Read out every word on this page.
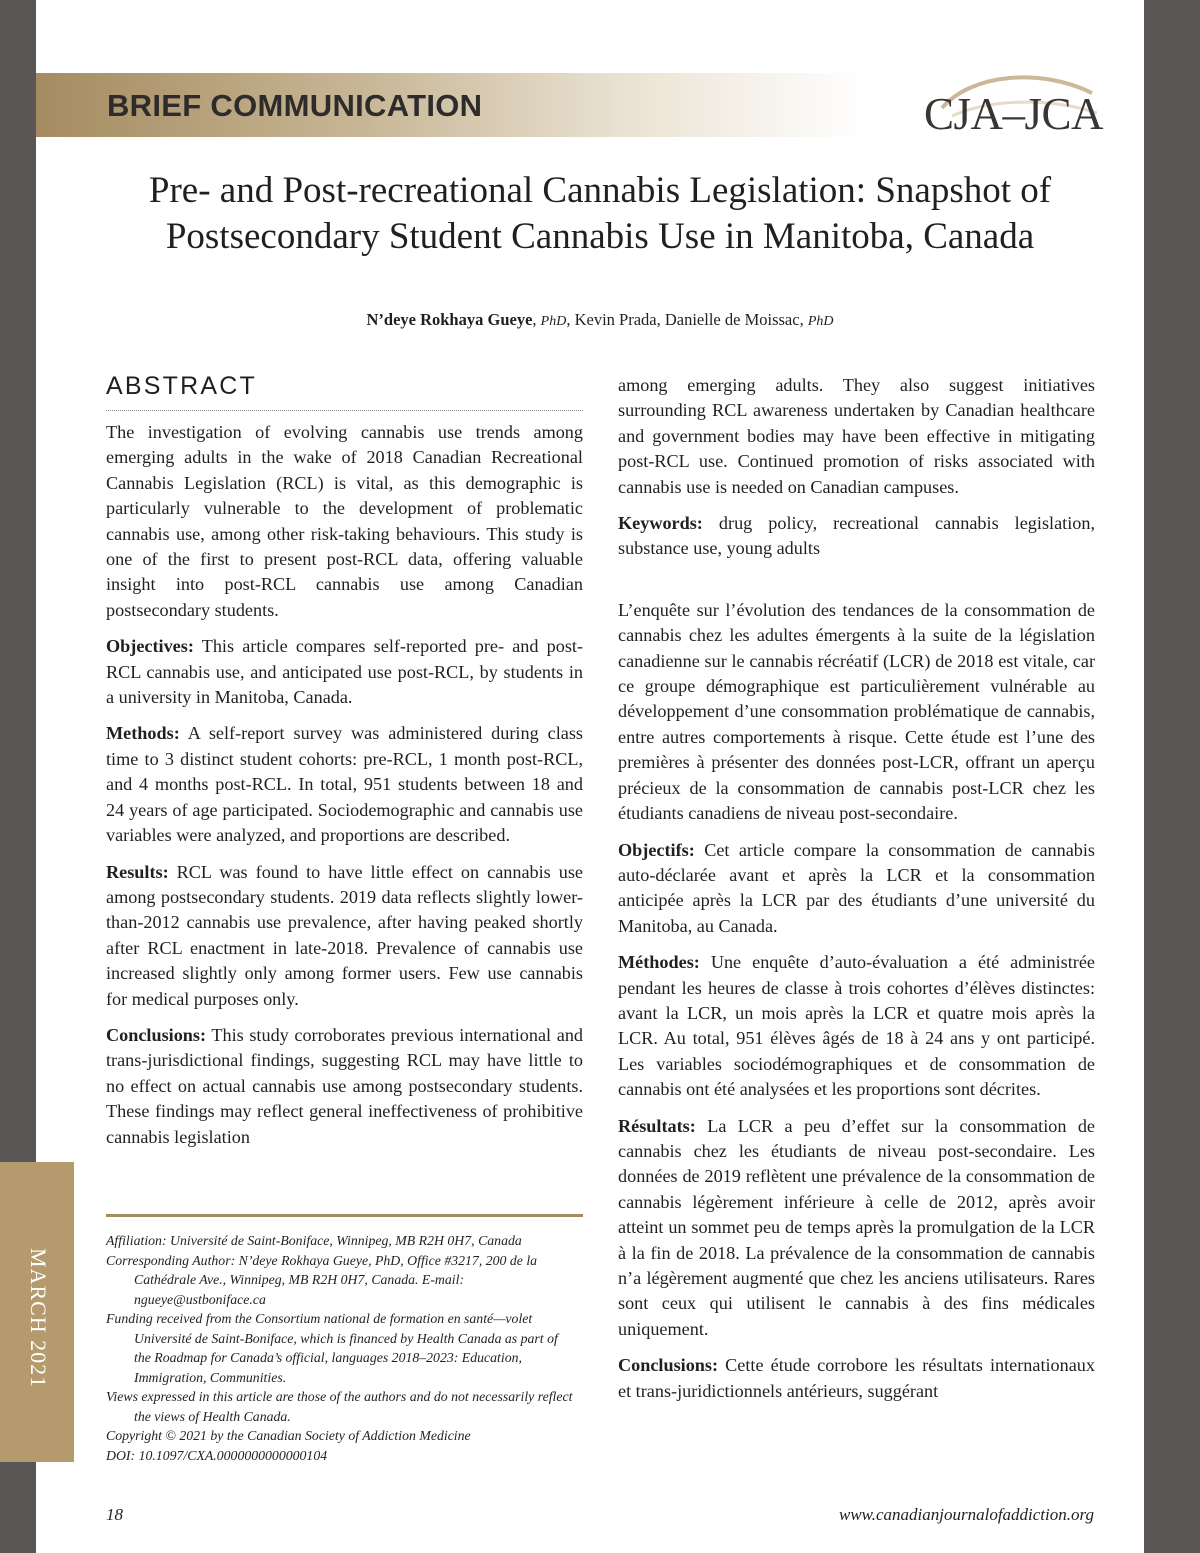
MARCH 2021
BRIEF COMMUNICATION	CJA–JCA
Pre- and Post-recreational Cannabis Legislation: Snapshot of Postsecondary Student Cannabis Use in Manitoba, Canada
N’deye Rokhaya Gueye, PhD, Kevin Prada, Danielle de Moissac, PhD
ABSTRACT

The investigation of evolving cannabis use trends among emerging adults in the wake of 2018 Canadian Recreational Cannabis Legislation (RCL) is vital, as this demographic is particularly vulnerable to the development of problematic cannabis use, among other risk-taking behaviours. This study is one of the first to present post-RCL data, offering valuable insight into post-RCL cannabis use among Canadian postsecondary students.

Objectives: This article compares self-reported pre- and post-RCL cannabis use, and anticipated use post-RCL, by students in a university in Manitoba, Canada.

Methods: A self-report survey was administered during class time to 3 distinct student cohorts: pre-RCL, 1 month post-RCL, and 4 months post-RCL. In total, 951 students between 18 and 24 years of age participated. Sociodemographic and cannabis use variables were analyzed, and proportions are described.

Results: RCL was found to have little effect on cannabis use among postsecondary students. 2019 data reflects slightly lower-than-2012 cannabis use prevalence, after having peaked shortly after RCL enactment in late-2018. Prevalence of cannabis use increased slightly only among former users. Few use cannabis for medical purposes only.

Conclusions: This study corroborates previous international and trans-jurisdictional findings, suggesting RCL may have little to no effect on actual cannabis use among postsecondary students. These findings may reflect general ineffectiveness of prohibitive cannabis legislation

among emerging adults. They also suggest initiatives surrounding RCL awareness undertaken by Canadian healthcare and government bodies may have been effective in mitigating post-RCL use. Continued promotion of risks associated with cannabis use is needed on Canadian campuses.

Keywords: drug policy, recreational cannabis legislation, substance use, young adults

L’enquête sur l’évolution des tendances de la consommation de cannabis chez les adultes émergents à la suite de la législation canadienne sur le cannabis récréatif (LCR) de 2018 est vitale, car ce groupe démographique est particulièrement vulnérable au développement d’une consommation problématique de cannabis, entre autres comportements à risque. Cette étude est l’une des premières à présenter des données post-LCR, offrant un aperçu précieux de la consommation de cannabis post-LCR chez les étudiants canadiens de niveau post-secondaire.

Objectifs: Cet article compare la consommation de cannabis auto-déclarée avant et après la LCR et la consommation anticipée après la LCR par des étudiants d’une université du Manitoba, au Canada.

Méthodes: Une enquête d’auto-évaluation a été administrée pendant les heures de classe à trois cohortes d’élèves distinctes: avant la LCR, un mois après la LCR et quatre mois après la LCR. Au total, 951 élèves âgés de 18 à 24 ans y ont participé. Les variables sociodémographiques et de consommation de cannabis ont été analysées et les proportions sont décrites.

Résultats: La LCR a peu d’effet sur la consommation de cannabis chez les étudiants de niveau post-secondaire. Les données de 2019 reflètent une prévalence de la consommation de cannabis légèrement inférieure à celle de 2012, après avoir atteint un sommet peu de temps après la promulgation de la LCR à la fin de 2018. La prévalence de la consommation de cannabis n’a légèrement augmenté que chez les anciens utilisateurs. Rares sont ceux qui utilisent le cannabis à des fins médicales uniquement.

Conclusions: Cette étude corrobore les résultats internationaux et trans-juridictionnels antérieurs, suggérant

Affiliation: Université de Saint-Boniface, Winnipeg, MB R2H 0H7, Canada
Corresponding Author: N’deye Rokhaya Gueye, PhD, Office #3217, 200 de la Cathédrale Ave., Winnipeg, MB R2H 0H7, Canada. E-mail: ngueye@ustboniface.ca
Funding received from the Consortium national de formation en santé—volet Université de Saint-Boniface, which is financed by Health Canada as part of the Roadmap for Canada’s official, languages 2018–2023: Education, Immigration, Communities.
Views expressed in this article are those of the authors and do not necessarily reflect the views of Health Canada.
Copyright © 2021 by the Canadian Society of Addiction Medicine
DOI: 10.1097/CXA.0000000000000104
18	www.canadianjournalofaddiction.org
